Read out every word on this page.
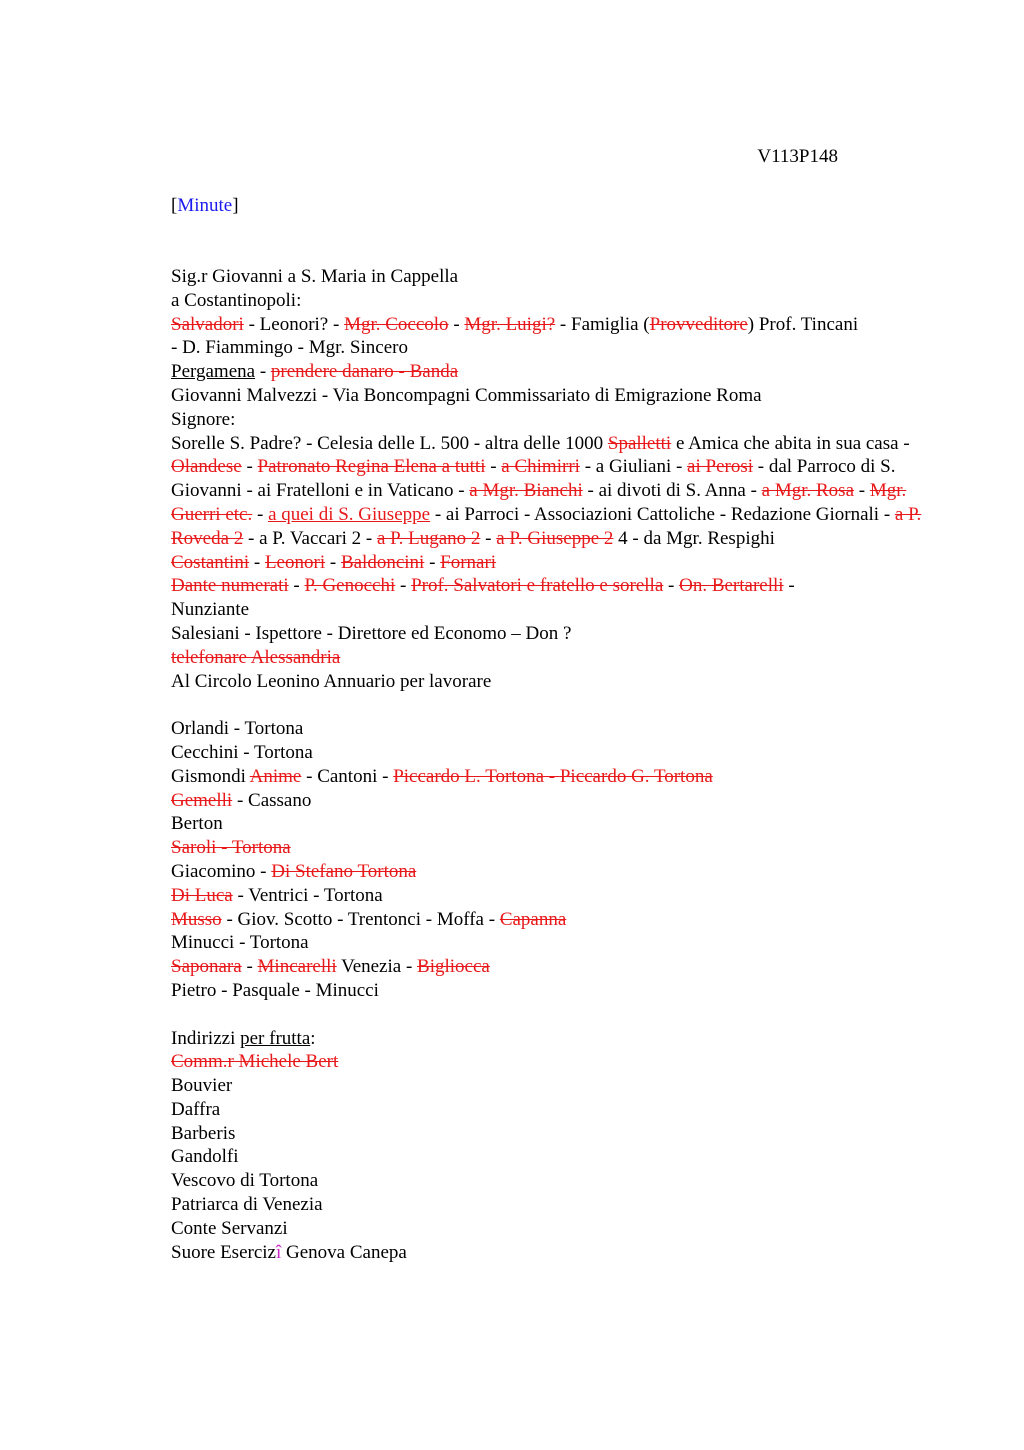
V113P148
[Minute]

Sig.r Giovanni a S. Maria in Cappella

a Costantinopoli:

Salvadori - Leonori? - Mgr. Coccolo - Mgr. Luigi? - Famiglia (Provveditore) Prof. Tincani

- D. Fiammingo - Mgr. Sincero

Pergamena - prendere danaro - Banda

Giovanni Malvezzi - Via Boncompagni Commissariato di Emigrazione Roma

Signore:

Sorelle S. Padre? - Celesia delle L. 500 - altra delle 1000 Spalletti e Amica che abita in sua casa - Olandese - Patronato Regina Elena a tutti - a Chimirri - a Giuliani - ai Perosi - dal Parroco di S. Giovanni - ai Fratelloni e in Vaticano - a Mgr. Bianchi - ai divoti di S. Anna - a Mgr. Rosa - Mgr. Guerri etc. - a quei di S. Giuseppe - ai Parroci - Associazioni Cattoliche - Redazione Giornali - a P. Roveda 2 - a P. Vaccari 2 - a P. Lugano 2 - a P. Giuseppe 2 4 - da Mgr. Respighi

Costantini - Leonori - Baldoncini - Fornari

Dante numerati - P. Genocchi - Prof. Salvatori e fratello e sorella - On. Bertarelli -

Nunziante

Salesiani - Ispettore - Direttore ed Economo – Don ?

telefonare Alessandria

Al Circolo Leonino Annuario per lavorare

Orlandi - Tortona

Cecchini - Tortona

Gismondi Anime - Cantoni - Piccardo L. Tortona - Piccardo G. Tortona

Gemelli - Cassano

Berton

Saroli - Tortona

Giacomino - Di Stefano Tortona

Di Luca - Ventrici - Tortona

Musso - Giov. Scotto - Trentonci - Moffa - Capanna

Minucci - Tortona

Saponara - Mincarelli Venezia - Bigliocca

Pietro - Pasquale - Minucci

Indirizzi per frutta:

Comm.r Michele Bert

Bouvier

Daffra

Barberis

Gandolfi

Vescovo di Tortona

Patriarca di Venezia

Conte Servanzi

Suore Esercizî Genova Canepa
